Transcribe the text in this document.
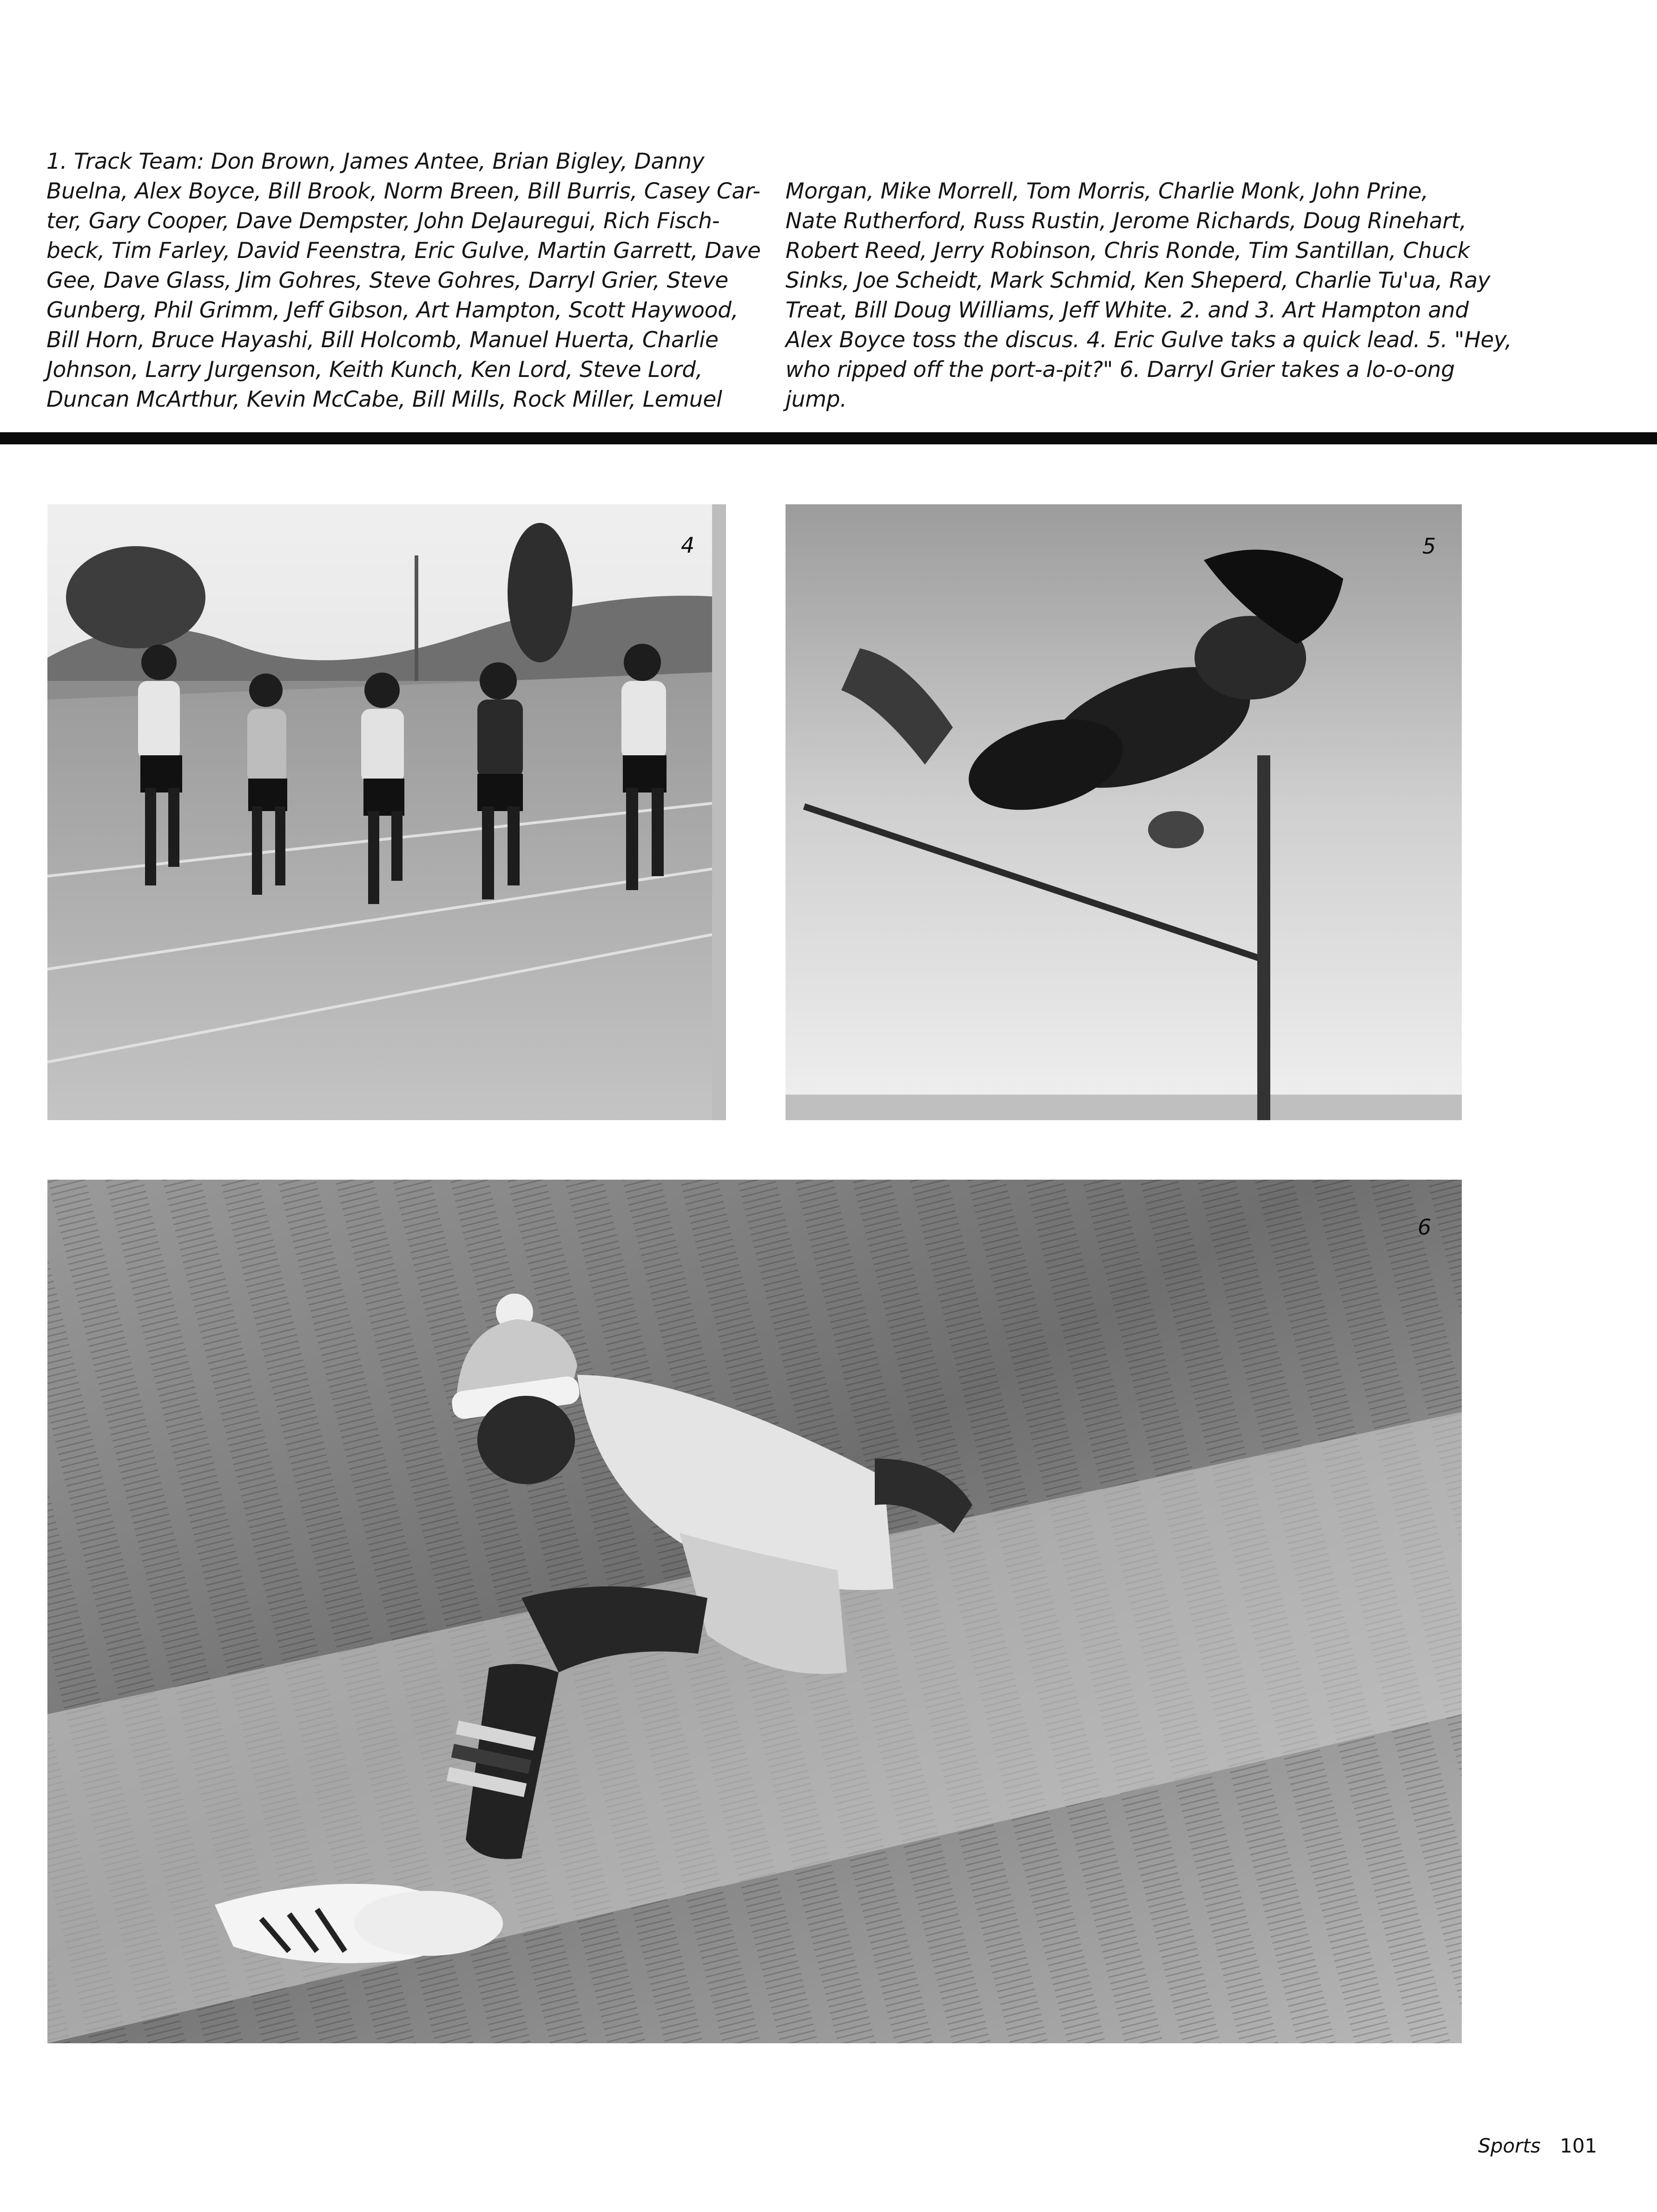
1. Track Team: Don Brown, James Antee, Brian Bigley, Danny
Buelna, Alex Boyce, Bill Brook, Norm Breen, Bill Burris, Casey Car-
ter, Gary Cooper, Dave Dempster, John DeJauregui, Rich Fisch-
beck, Tim Farley, David Feenstra, Eric Gulve, Martin Garrett, Dave
Gee, Dave Glass, Jim Gohres, Steve Gohres, Darryl Grier, Steve
Gunberg, Phil Grimm, Jeff Gibson, Art Hampton, Scott Haywood,
Bill Horn, Bruce Hayashi, Bill Holcomb, Manuel Huerta, Charlie
Johnson, Larry Jurgenson, Keith Kunch, Ken Lord, Steve Lord,
Duncan McArthur, Kevin McCabe, Bill Mills, Rock Miller, Lemuel
Morgan, Mike Morrell, Tom Morris, Charlie Monk, John Prine,
Nate Rutherford, Russ Rustin, Jerome Richards, Doug Rinehart,
Robert Reed, Jerry Robinson, Chris Ronde, Tim Santillan, Chuck
Sinks, Joe Scheidt, Mark Schmid, Ken Sheperd, Charlie Tu'ua, Ray
Treat, Bill Doug Williams, Jeff White. 2. and 3. Art Hampton and
Alex Boyce toss the discus. 4. Eric Gulve taks a quick lead. 5. "Hey,
who ripped off the port-a-pit?" 6. Darryl Grier takes a lo-o-ong
jump.
4	5
6
Sports 101
